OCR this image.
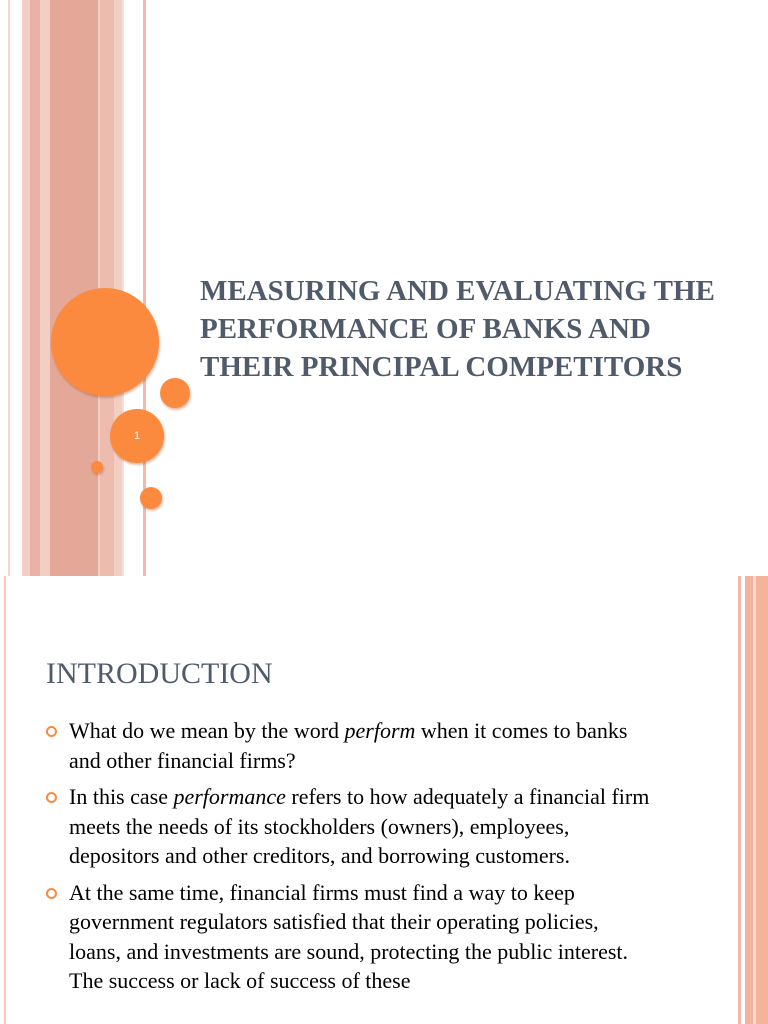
1
MEASURING AND EVALUATING THE PERFORMANCE OF BANKS AND THEIR PRINCIPAL COMPETITORS
INTRODUCTION
What do we mean by the word perform when it comes to banks and other financial firms?
In this case performance refers to how adequately a financial firm meets the needs of its stockholders (owners), employees, depositors and other creditors, and borrowing customers.
At the same time, financial firms must find a way to keep government regulators satisfied that their operating policies, loans, and investments are sound, protecting the public interest. The success or lack of success of these
